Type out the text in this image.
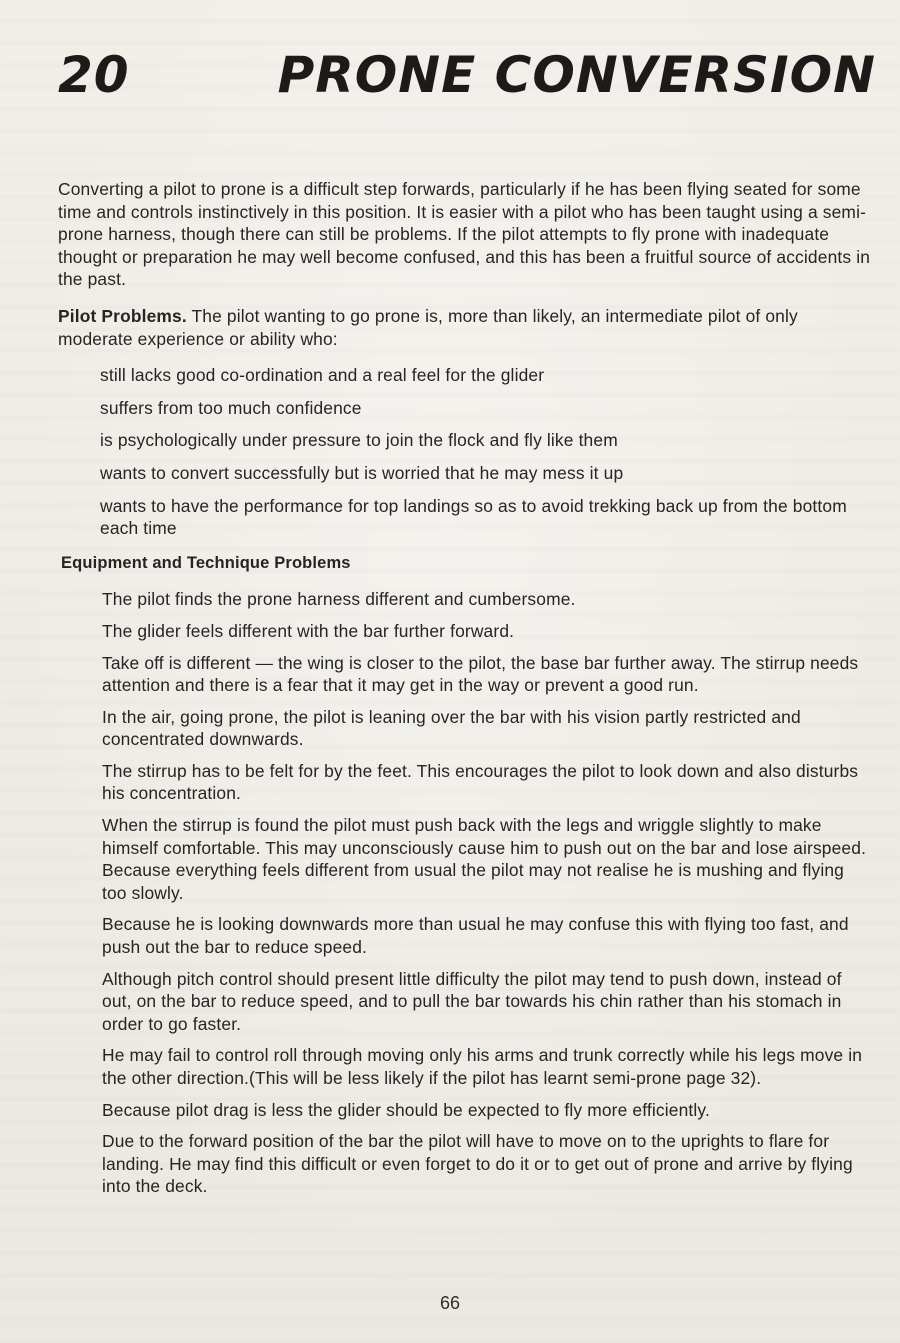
20	PRONE CONVERSION

Converting a pilot to prone is a difficult step forwards, particularly if he has been flying seated for some time and controls instinctively in this position. It is easier with a pilot who has been taught using a semi-prone harness, though there can still be problems. If the pilot attempts to fly prone with inadequate thought or preparation he may well become confused, and this has been a fruitful source of accidents in the past.

Pilot Problems. The pilot wanting to go prone is, more than likely, an intermediate pilot of only moderate experience or ability who:

still lacks good co-ordination and a real feel for the glider

suffers from too much confidence

is psychologically under pressure to join the flock and fly like them

wants to convert successfully but is worried that he may mess it up

wants to have the performance for top landings so as to avoid trekking back up from the bottom each time

Equipment and Technique Problems

The pilot finds the prone harness different and cumbersome.

The glider feels different with the bar further forward.

Take off is different — the wing is closer to the pilot, the base bar further away. The stirrup needs attention and there is a fear that it may get in the way or prevent a good run.

In the air, going prone, the pilot is leaning over the bar with his vision partly restricted and concentrated downwards.

The stirrup has to be felt for by the feet. This encourages the pilot to look down and also disturbs his concentration.

When the stirrup is found the pilot must push back with the legs and wriggle slightly to make himself comfortable. This may unconsciously cause him to push out on the bar and lose airspeed. Because everything feels different from usual the pilot may not realise he is mushing and flying too slowly.

Because he is looking downwards more than usual he may confuse this with flying too fast, and push out the bar to reduce speed.

Although pitch control should present little difficulty the pilot may tend to push down, instead of out, on the bar to reduce speed, and to pull the bar towards his chin rather than his stomach in order to go faster.

He may fail to control roll through moving only his arms and trunk correctly while his legs move in the other direction.(This will be less likely if the pilot has learnt semi-prone page 32).

Because pilot drag is less the glider should be expected to fly more efficiently.

Due to the forward position of the bar the pilot will have to move on to the uprights to flare for landing. He may find this difficult or even forget to do it or to get out of prone and arrive by flying into the deck.

66
